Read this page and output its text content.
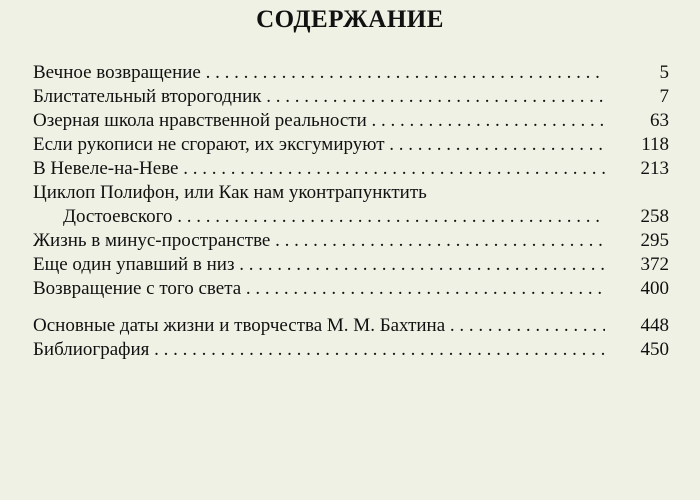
СОДЕРЖАНИЕ
Вечное возвращение . . .	5
Блистательный второгодник . . .	7
Озерная школа нравственной реальности . . .	63
Если рукописи не сгорают, их эксгумируют . . .	118
В Невеле-на-Неве . . .	213
Циклоп Полифон, или Как нам уконтрапунктить
Достоевского . . .	258
Жизнь в минус-пространстве . . .	295
Еще один упавший в низ . . .	372
Возвращение с того света . . .	400
Основные даты жизни и творчества М. М. Бахтина . . .	448
Библиография . . .	450
